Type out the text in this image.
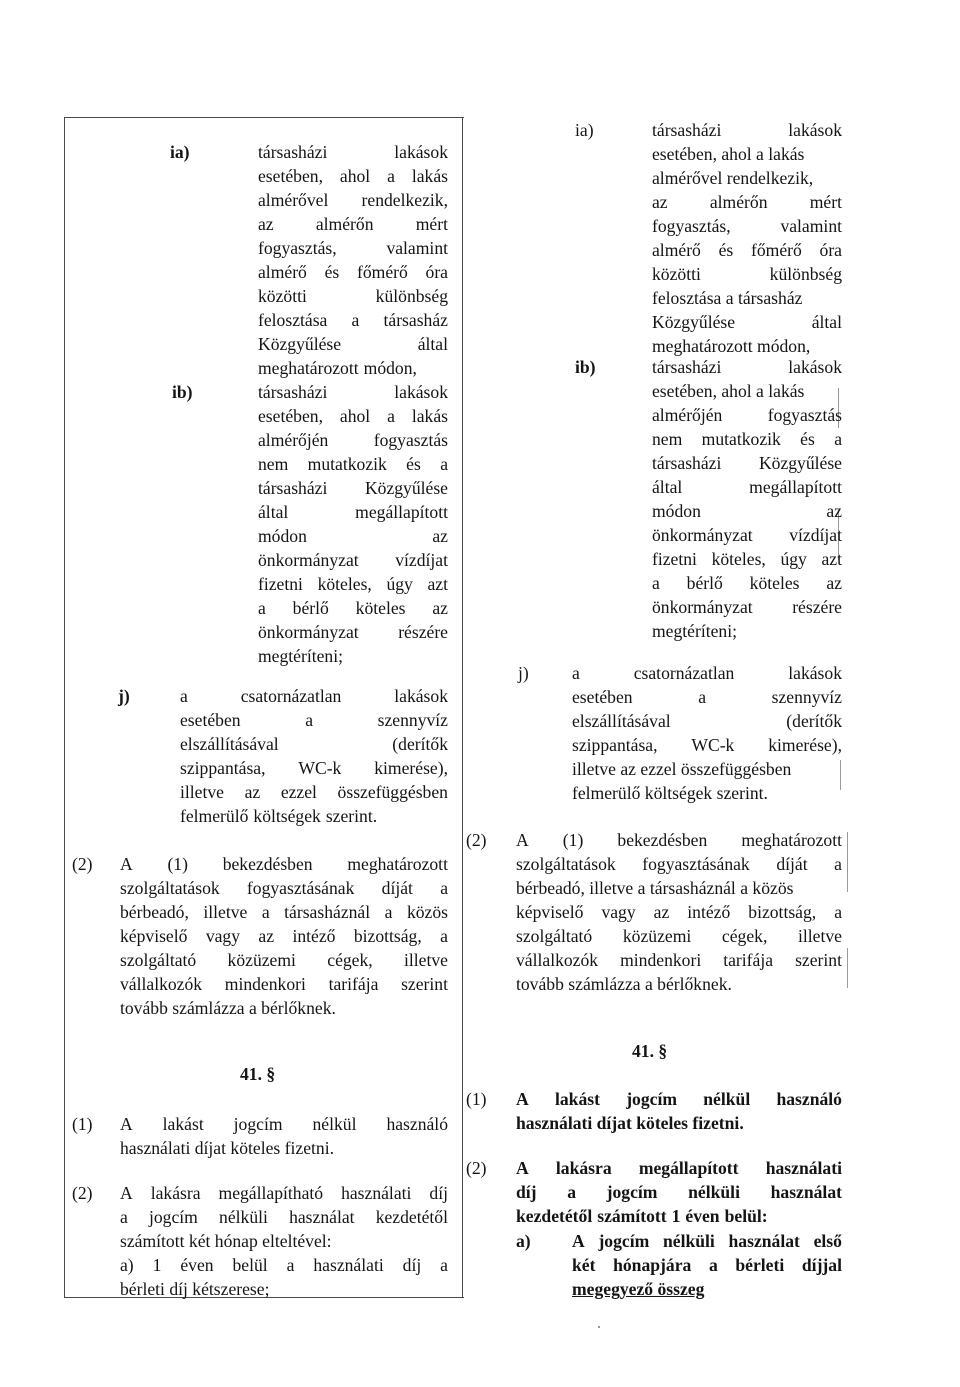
ia)	társasházi	lakások
esetében, ahol a lakás
almérővel rendelkezik,
az almérőn mért
fogyasztás,	valamint
almérő és főmérő óra
közötti	különbség
felosztása a társasház
Közgyűlése	által
meghatározott módon,
ib)	társasházi	lakások
esetében, ahol a lakás
almérőjén	fogyasztás
nem mutatkozik és a
társasházi Közgyűlése
által	megállapított
módon	az
önkormányzat vízdíjat
fizetni köteles, úgy azt
a bérlő köteles az
önkormányzat részére
megtéríteni;
j)	a	csatornázatlan	lakások
esetében	a	szennyvíz
elszállításával	(derítők
szippantása, WC-k kimerése),
illetve az ezzel összefüggésben
felmerülő költségek szerint.
(2) A (1) bekezdésben meghatározott
szolgáltatások fogyasztásának díját a
bérbeadó, illetve a társasháznál a közös
képviselő vagy az intéző bizottság, a
szolgáltató közüzemi cégek, illetve
vállalkozók mindenkori tarifája szerint
tovább számlázza a bérlőknek.
41. §
(1) A lakást jogcím nélkül használó
használati díjat köteles fizetni.
(2) A lakásra megállapítható használati díj
a jogcím nélküli használat kezdetétől
számított két hónap elteltével:
a) 1 éven belül a használati díj a
bérleti díj kétszerese;
ia)	társasházi	lakások
esetében, ahol a lakás
almérővel rendelkezik,
az almérőn mért
fogyasztás,	valamint
almérő és főmérő óra
közötti	különbség
felosztása a társasház
Közgyűlése	által
meghatározott módon,
ib)	társasházi	lakások
esetében, ahol a lakás
almérőjén	fogyasztás
nem mutatkozik és a
társasházi Közgyűlése
által	megállapított
módon	az
önkormányzat vízdíjat
fizetni köteles, úgy azt
a bérlő köteles az
önkormányzat részére
megtéríteni;
j) a	csatornázatlan	lakások
esetében	a	szennyvíz
elszállításával	(derítők
szippantása, WC-k kimerése),
illetve az ezzel összefüggésben
felmerülő költségek szerint.
(2) A (1) bekezdésben meghatározott
szolgáltatások fogyasztásának díját a
bérbeadó, illetve a társasháznál a közös
képviselő vagy az intéző bizottság, a
szolgáltató közüzemi cégek, illetve
vállalkozók mindenkori tarifája szerint
tovább számlázza a bérlőknek.
41. §
(1) A lakást jogcím nélkül használó
használati díjat köteles fizetni.
(2) A lakásra megállapított használati
díj a jogcím nélküli használat
kezdetétől számított 1 éven belül:
a) A jogcím nélküli használat első
két hónapjára a bérleti díjjal
megegyező összeg
